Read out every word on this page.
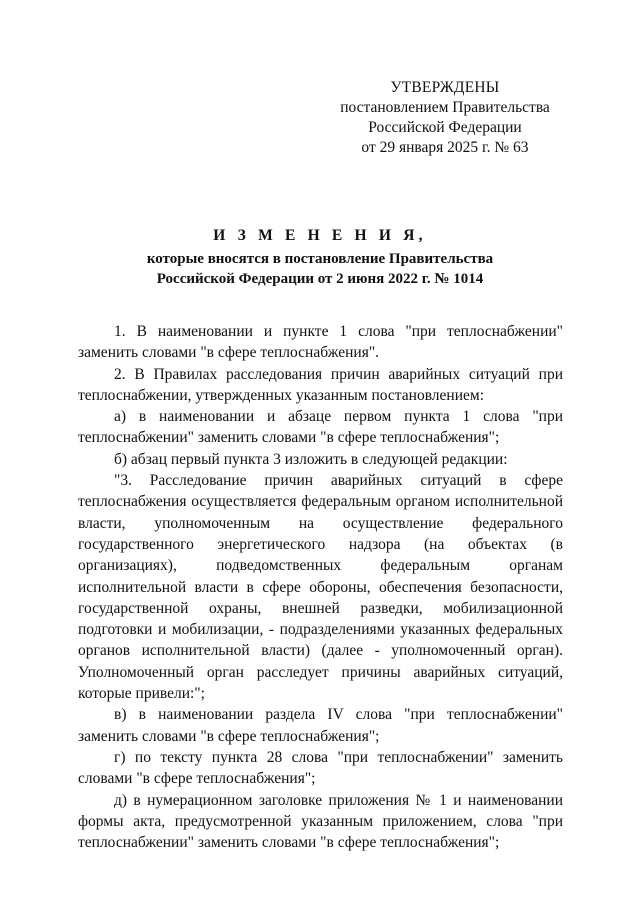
УТВЕРЖДЕНЫ
постановлением Правительства
Российской Федерации
от 29 января 2025 г. № 63
И З М Е Н Е Н И Я,
которые вносятся в постановление Правительства
Российской Федерации от 2 июня 2022 г. № 1014

1. В наименовании и пункте 1 слова "при теплоснабжении" заменить словами "в сфере теплоснабжения".

2. В Правилах расследования причин аварийных ситуаций при теплоснабжении, утвержденных указанным постановлением:

а) в наименовании и абзаце первом пункта 1 слова "при теплоснабжении" заменить словами "в сфере теплоснабжения";

б) абзац первый пункта 3 изложить в следующей редакции:

"3. Расследование причин аварийных ситуаций в сфере теплоснабжения осуществляется федеральным органом исполнительной власти, уполномоченным на осуществление федерального государственного энергетического надзора (на объектах (в организациях), подведомственных федеральным органам исполнительной власти в сфере обороны, обеспечения безопасности, государственной охраны, внешней разведки, мобилизационной подготовки и мобилизации, - подразделениями указанных федеральных органов исполнительной власти) (далее - уполномоченный орган). Уполномоченный орган расследует причины аварийных ситуаций, которые привели:";

в) в наименовании раздела IV слова "при теплоснабжении" заменить словами "в сфере теплоснабжения";

г) по тексту пункта 28 слова "при теплоснабжении" заменить словами "в сфере теплоснабжения";

д) в нумерационном заголовке приложения № 1 и наименовании формы акта, предусмотренной указанным приложением, слова "при теплоснабжении" заменить словами "в сфере теплоснабжения";
